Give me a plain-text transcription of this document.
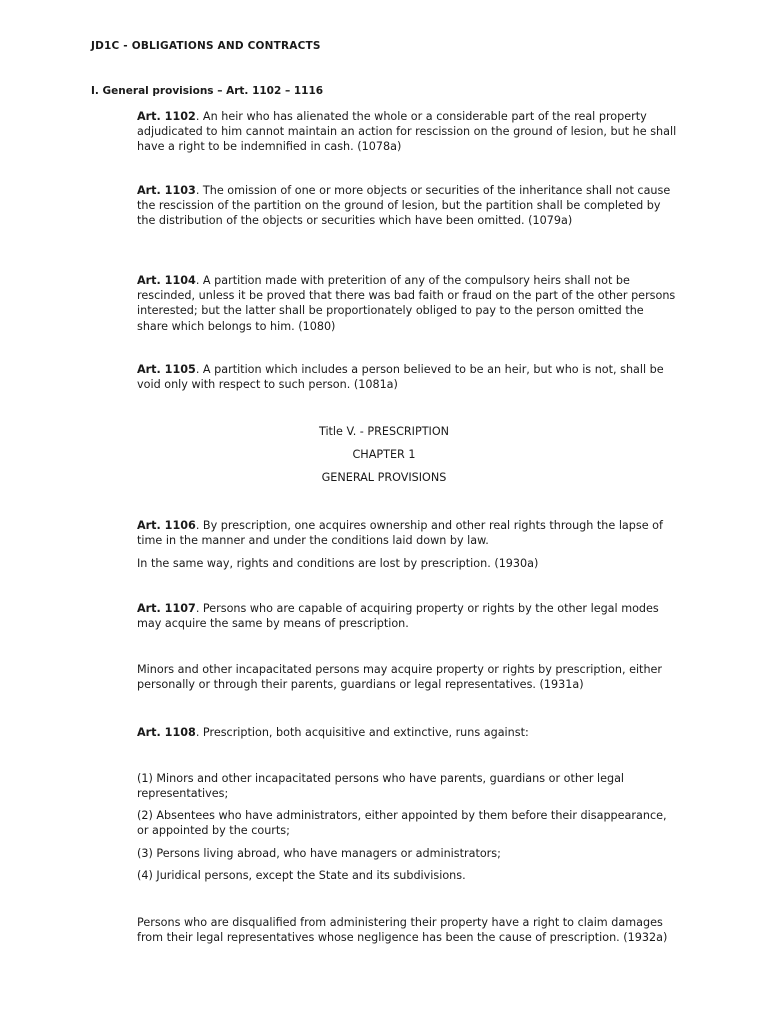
JD1C - OBLIGATIONS AND CONTRACTS
I. General provisions – Art. 1102 – 1116

Art. 1102. An heir who has alienated the whole or a considerable part of the real property adjudicated to him cannot maintain an action for rescission on the ground of lesion, but he shall have a right to be indemnified in cash. (1078a)

Art. 1103. The omission of one or more objects or securities of the inheritance shall not cause the rescission of the partition on the ground of lesion, but the partition shall be completed by the distribution of the objects or securities which have been omitted. (1079a)

Art. 1104. A partition made with preterition of any of the compulsory heirs shall not be rescinded, unless it be proved that there was bad faith or fraud on the part of the other persons interested; but the latter shall be proportionately obliged to pay to the person omitted the share which belongs to him. (1080)

Art. 1105. A partition which includes a person believed to be an heir, but who is not, shall be void only with respect to such person. (1081a)

Title V. - PRESCRIPTION
CHAPTER 1
GENERAL PROVISIONS

Art. 1106. By prescription, one acquires ownership and other real rights through the lapse of time in the manner and under the conditions laid down by law.

In the same way, rights and conditions are lost by prescription. (1930a)

Art. 1107. Persons who are capable of acquiring property or rights by the other legal modes may acquire the same by means of prescription.

Minors and other incapacitated persons may acquire property or rights by prescription, either personally or through their parents, guardians or legal representatives. (1931a)

Art. 1108. Prescription, both acquisitive and extinctive, runs against:

(1) Minors and other incapacitated persons who have parents, guardians or other legal representatives;

(2) Absentees who have administrators, either appointed by them before their disappearance, or appointed by the courts;

(3) Persons living abroad, who have managers or administrators;

(4) Juridical persons, except the State and its subdivisions.

Persons who are disqualified from administering their property have a right to claim damages from their legal representatives whose negligence has been the cause of prescription. (1932a)
